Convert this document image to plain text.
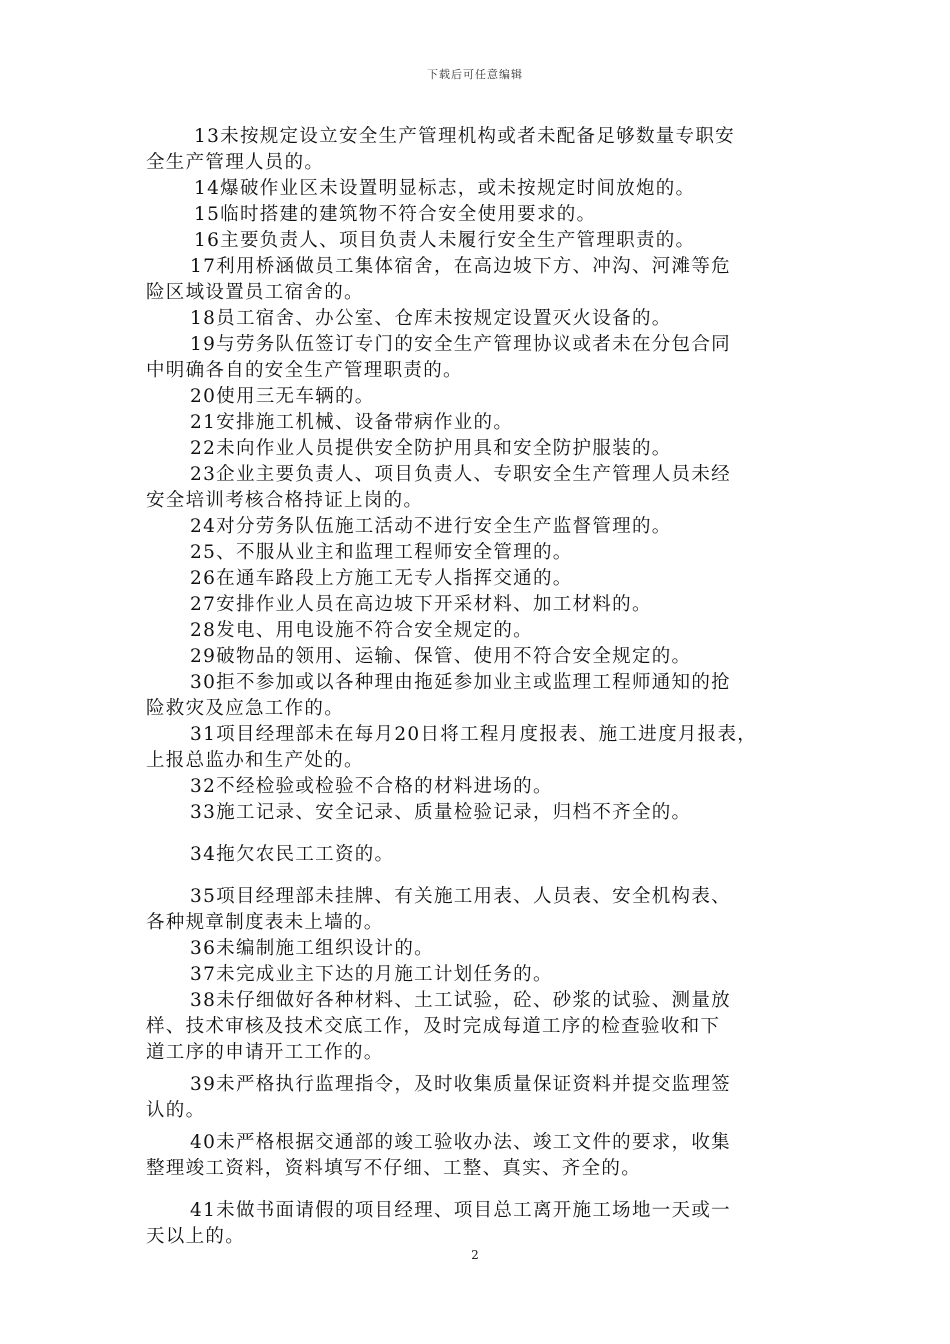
下载后可任意编辑

13未按规定设立安全生产管理机构或者未配备足够数量专职安
全生产管理人员的。

14爆破作业区未设置明显标志，或未按规定时间放炮的。

15临时搭建的建筑物不符合安全使用要求的。

16主要负责人、项目负责人未履行安全生产管理职责的。

17利用桥涵做员工集体宿舍，在高边坡下方、冲沟、河滩等危
险区域设置员工宿舍的。

18员工宿舍、办公室、仓库未按规定设置灭火设备的。

19与劳务队伍签订专门的安全生产管理协议或者未在分包合同
中明确各自的安全生产管理职责的。

20使用三无车辆的。

21安排施工机械、设备带病作业的。

22未向作业人员提供安全防护用具和安全防护服装的。

23企业主要负责人、项目负责人、专职安全生产管理人员未经
安全培训考核合格持证上岗的。

24对分劳务队伍施工活动不进行安全生产监督管理的。

25、不服从业主和监理工程师安全管理的。

26在通车路段上方施工无专人指挥交通的。

27安排作业人员在高边坡下开采材料、加工材料的。

28发电、用电设施不符合安全规定的。

29破物品的领用、运输、保管、使用不符合安全规定的。

30拒不参加或以各种理由拖延参加业主或监理工程师通知的抢
险救灾及应急工作的。

31项目经理部未在每月20日将工程月度报表、施工进度月报表，
上报总监办和生产处的。

32不经检验或检验不合格的材料进场的。

33施工记录、安全记录、质量检验记录，归档不齐全的。

34拖欠农民工工资的。

35项目经理部未挂牌、有关施工用表、人员表、安全机构表、
各种规章制度表未上墙的。

36未编制施工组织设计的。

37未完成业主下达的月施工计划任务的。

38未仔细做好各种材料、土工试验，砼、砂浆的试验、测量放
样、技术审核及技术交底工作，及时完成每道工序的检查验收和下
道工序的申请开工工作的。

39未严格执行监理指令，及时收集质量保证资料并提交监理签
认的。

40未严格根据交通部的竣工验收办法、竣工文件的要求，收集
整理竣工资料，资料填写不仔细、工整、真实、齐全的。

41未做书面请假的项目经理、项目总工离开施工场地一天或一
天以上的。

2
